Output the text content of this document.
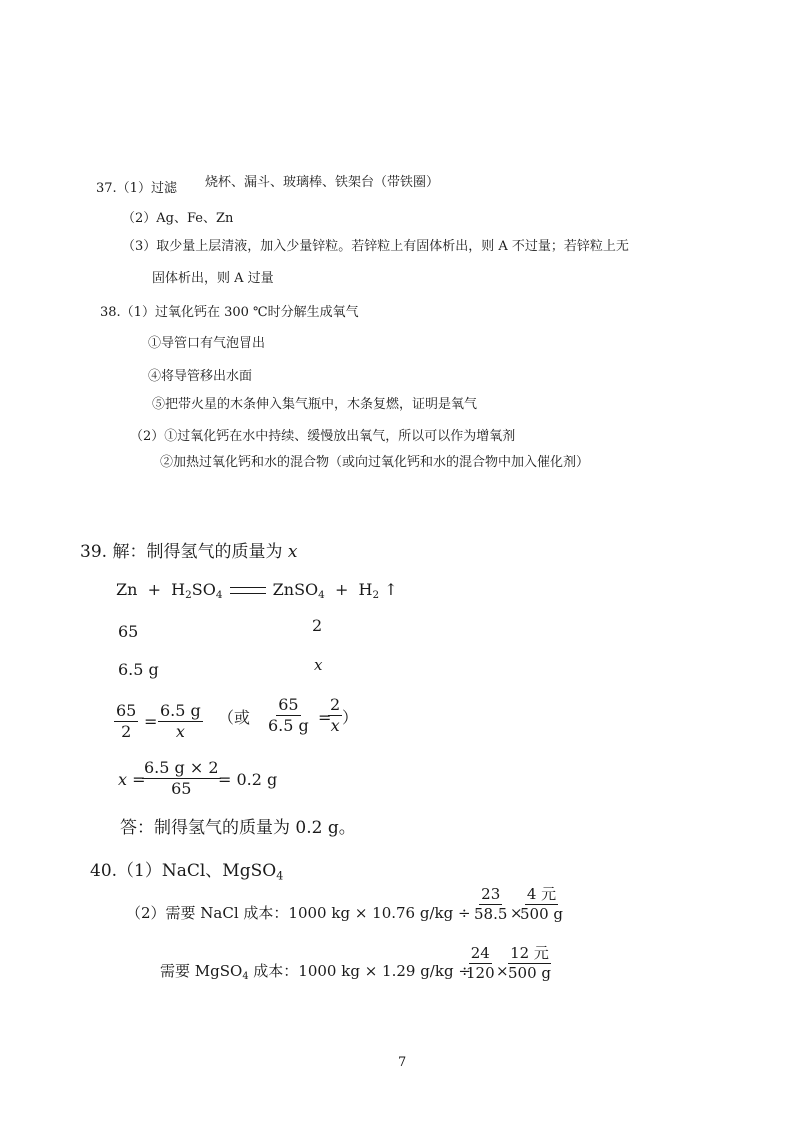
37.（1）过滤 烧杯、漏斗、玻璃棒、铁架台（带铁圈）
（2）Ag、Fe、Zn
（3）取少量上层清液，加入少量锌粒。若锌粒上有固体析出，则 A 不过量；若锌粒上无
固体析出，则 A 过量
38.（1）过氧化钙在 300 ℃时分解生成氧气
①导管口有气泡冒出
④将导管移出水面
⑤把带火星的木条伸入集气瓶中，木条复燃，证明是氧气
（2）①过氧化钙在水中持续、缓慢放出氧气，所以可以作为增氧剂
②加热过氧化钙和水的混合物（或向过氧化钙和水的混合物中加入催化剂）
39. 解：制得氢气的质量为 x
$Zn + H_2SO_4$	ZnSO$_4$ + $H_2$ ↑
65	2
6.5 g	x
$\frac{65}{2} = \frac{6.5 g}{x}$ （或 $\frac{65}{6.5 g}$ =
$\frac{2}{x}$ ）
x =
$\frac{6.5 g \times 2}{65}$
= 0.2 g
答：制得氢气的质量为 0.2 g。
40.（1）NaCl、MgSO$_4$
（2）需要 NaCl 成本：1000 kg × 10.76 $g/kg \div \frac{23}{58.5}$ ×
4 元
500 g
需要 MgSO$_4$ 成本：1000 kg × 1.29 g/kg ÷
$\frac{24}{120}$ ×
12 元
500 g
7
